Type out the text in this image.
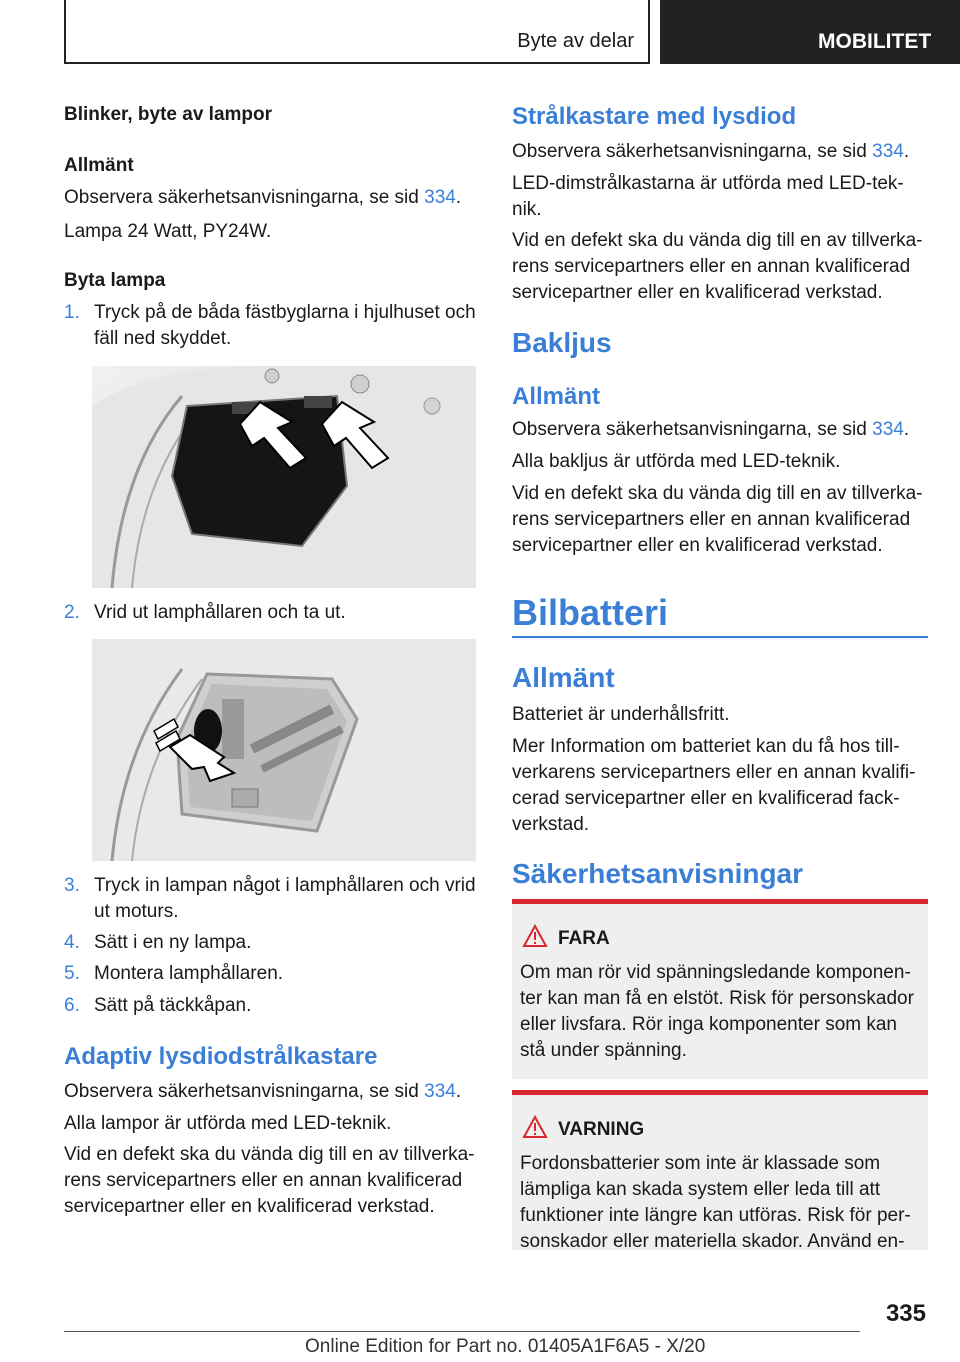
Byte av delar	MOBILITET
Blinker, byte av lampor
Allmänt
Observera säkerhetsanvisningarna, se sid 334.
Lampa 24 Watt, PY24W.
Byta lampa
1. Tryck på de båda fästbyglarna i hjulhuset och fäll ned skyddet.
2. Vrid ut lamphållaren och ta ut.
3. Tryck in lampan något i lamphållaren och vrid ut moturs.
4. Sätt i en ny lampa.
5. Montera lamphållaren.
6. Sätt på täckkåpan.
Adaptiv lysdiodstrålkastare
Observera säkerhetsanvisningarna, se sid 334.
Alla lampor är utförda med LED-teknik.
Vid en defekt ska du vända dig till en av tillverka-rens servicepartners eller en annan kvalificerad servicepartner eller en kvalificerad verkstad.
Strålkastare med lysdiod
Observera säkerhetsanvisningarna, se sid 334.
LED-dimstrålkastarna är utförda med LED-tek-nik.
Vid en defekt ska du vända dig till en av tillverka-rens servicepartners eller en annan kvalificerad servicepartner eller en kvalificerad verkstad.
Bakljus
Allmänt
Observera säkerhetsanvisningarna, se sid 334.
Alla bakljus är utförda med LED-teknik.
Vid en defekt ska du vända dig till en av tillverka-rens servicepartners eller en annan kvalificerad servicepartner eller en kvalificerad verkstad.
Bilbatteri
Allmänt
Batteriet är underhållsfritt.
Mer Information om batteriet kan du få hos till-verkarens servicepartners eller en annan kvalifi-cerad servicepartner eller en kvalificerad fack-verkstad.
Säkerhetsanvisningar
FARA
Om man rör vid spänningsledande komponen-ter kan man få en elstöt. Risk för personskador eller livsfara. Rör inga komponenter som kan stå under spänning.
VARNING
Fordonsbatterier som inte är klassade som lämpliga kan skada system eller leda till att funktioner inte längre kan utföras. Risk för per-sonskador eller materiella skador. Använd en-
335
Online Edition for Part no. 01405A1F6A5 - X/20
